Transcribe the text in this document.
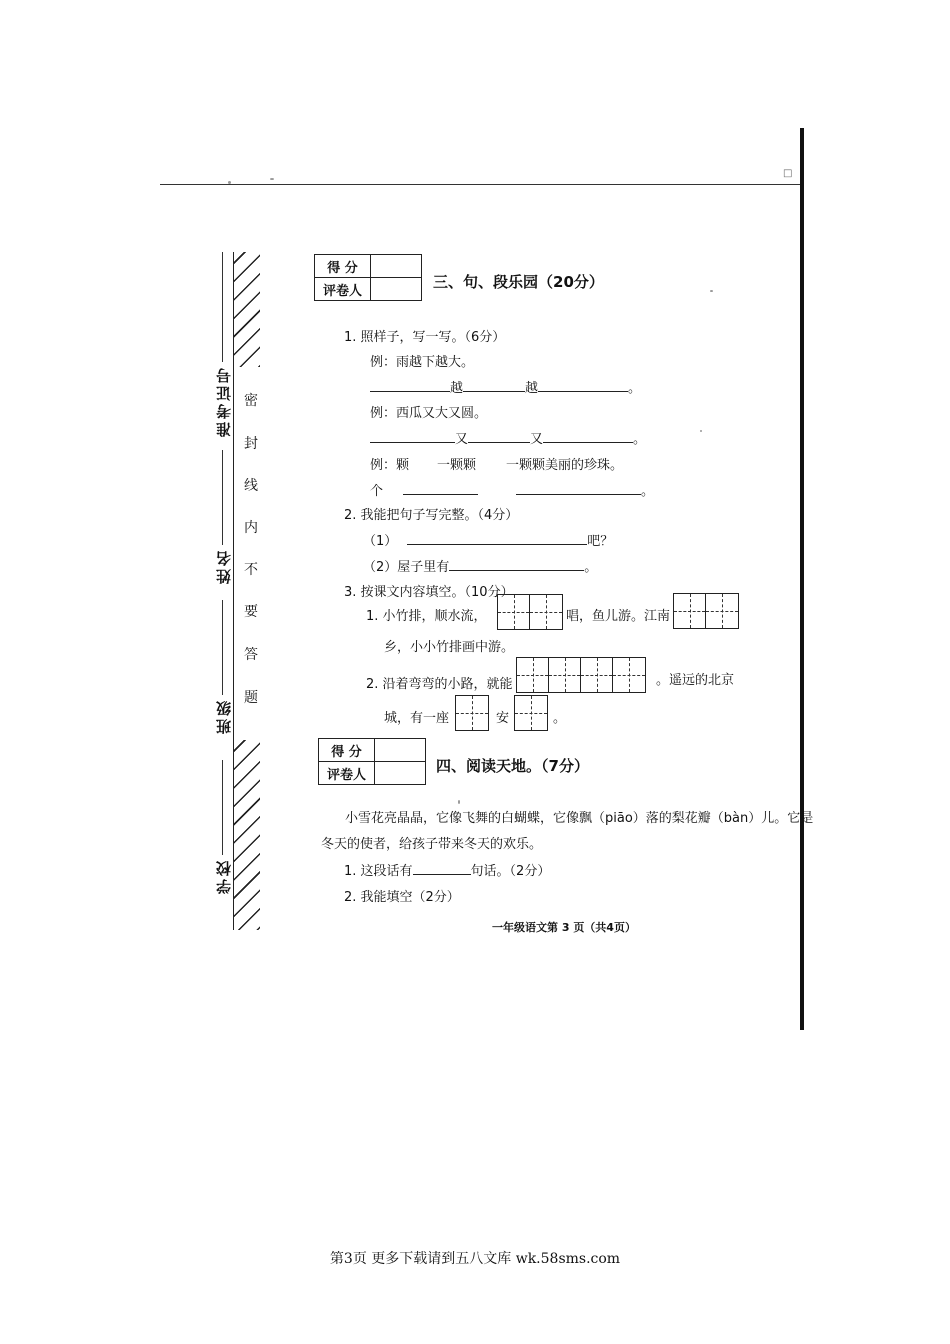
□
准考证号
姓名
班级
学校
密
封
线
内
不
要
答
题
得 分	
评卷人		三、句、段乐园（20分）
1. 照样子，写一写。（6分）
例：雨越下越大。
越	越	。
例：西瓜又大又圆。
又	又	。
例：颗 一颗颗 一颗颗美丽的珍珠。
个	。
2. 我能把句子写完整。（4分）
（1）	吧？
（2）屋子里有	。
3. 按课文内容填空。（10分）
1. 小竹排，顺水流，	唱，鱼儿游。江南
乡，小小竹排画中游。
2. 沿着弯弯的小路，就能	。遥远的北京
城，有一座	安	。
得 分	
评卷人		四、阅读天地。（7分）
小雪花亮晶晶，它像飞舞的白蝴蝶，它像飘（piāo）落的梨花瓣（bàn）儿。它是
冬天的使者，给孩子带来冬天的欢乐。
1. 这段话有	句话。（2分）
2. 我能填空（2分）
一年级语文第 3 页（共4页）
第3页 更多下载请到五八文库 wk.58sms.com
